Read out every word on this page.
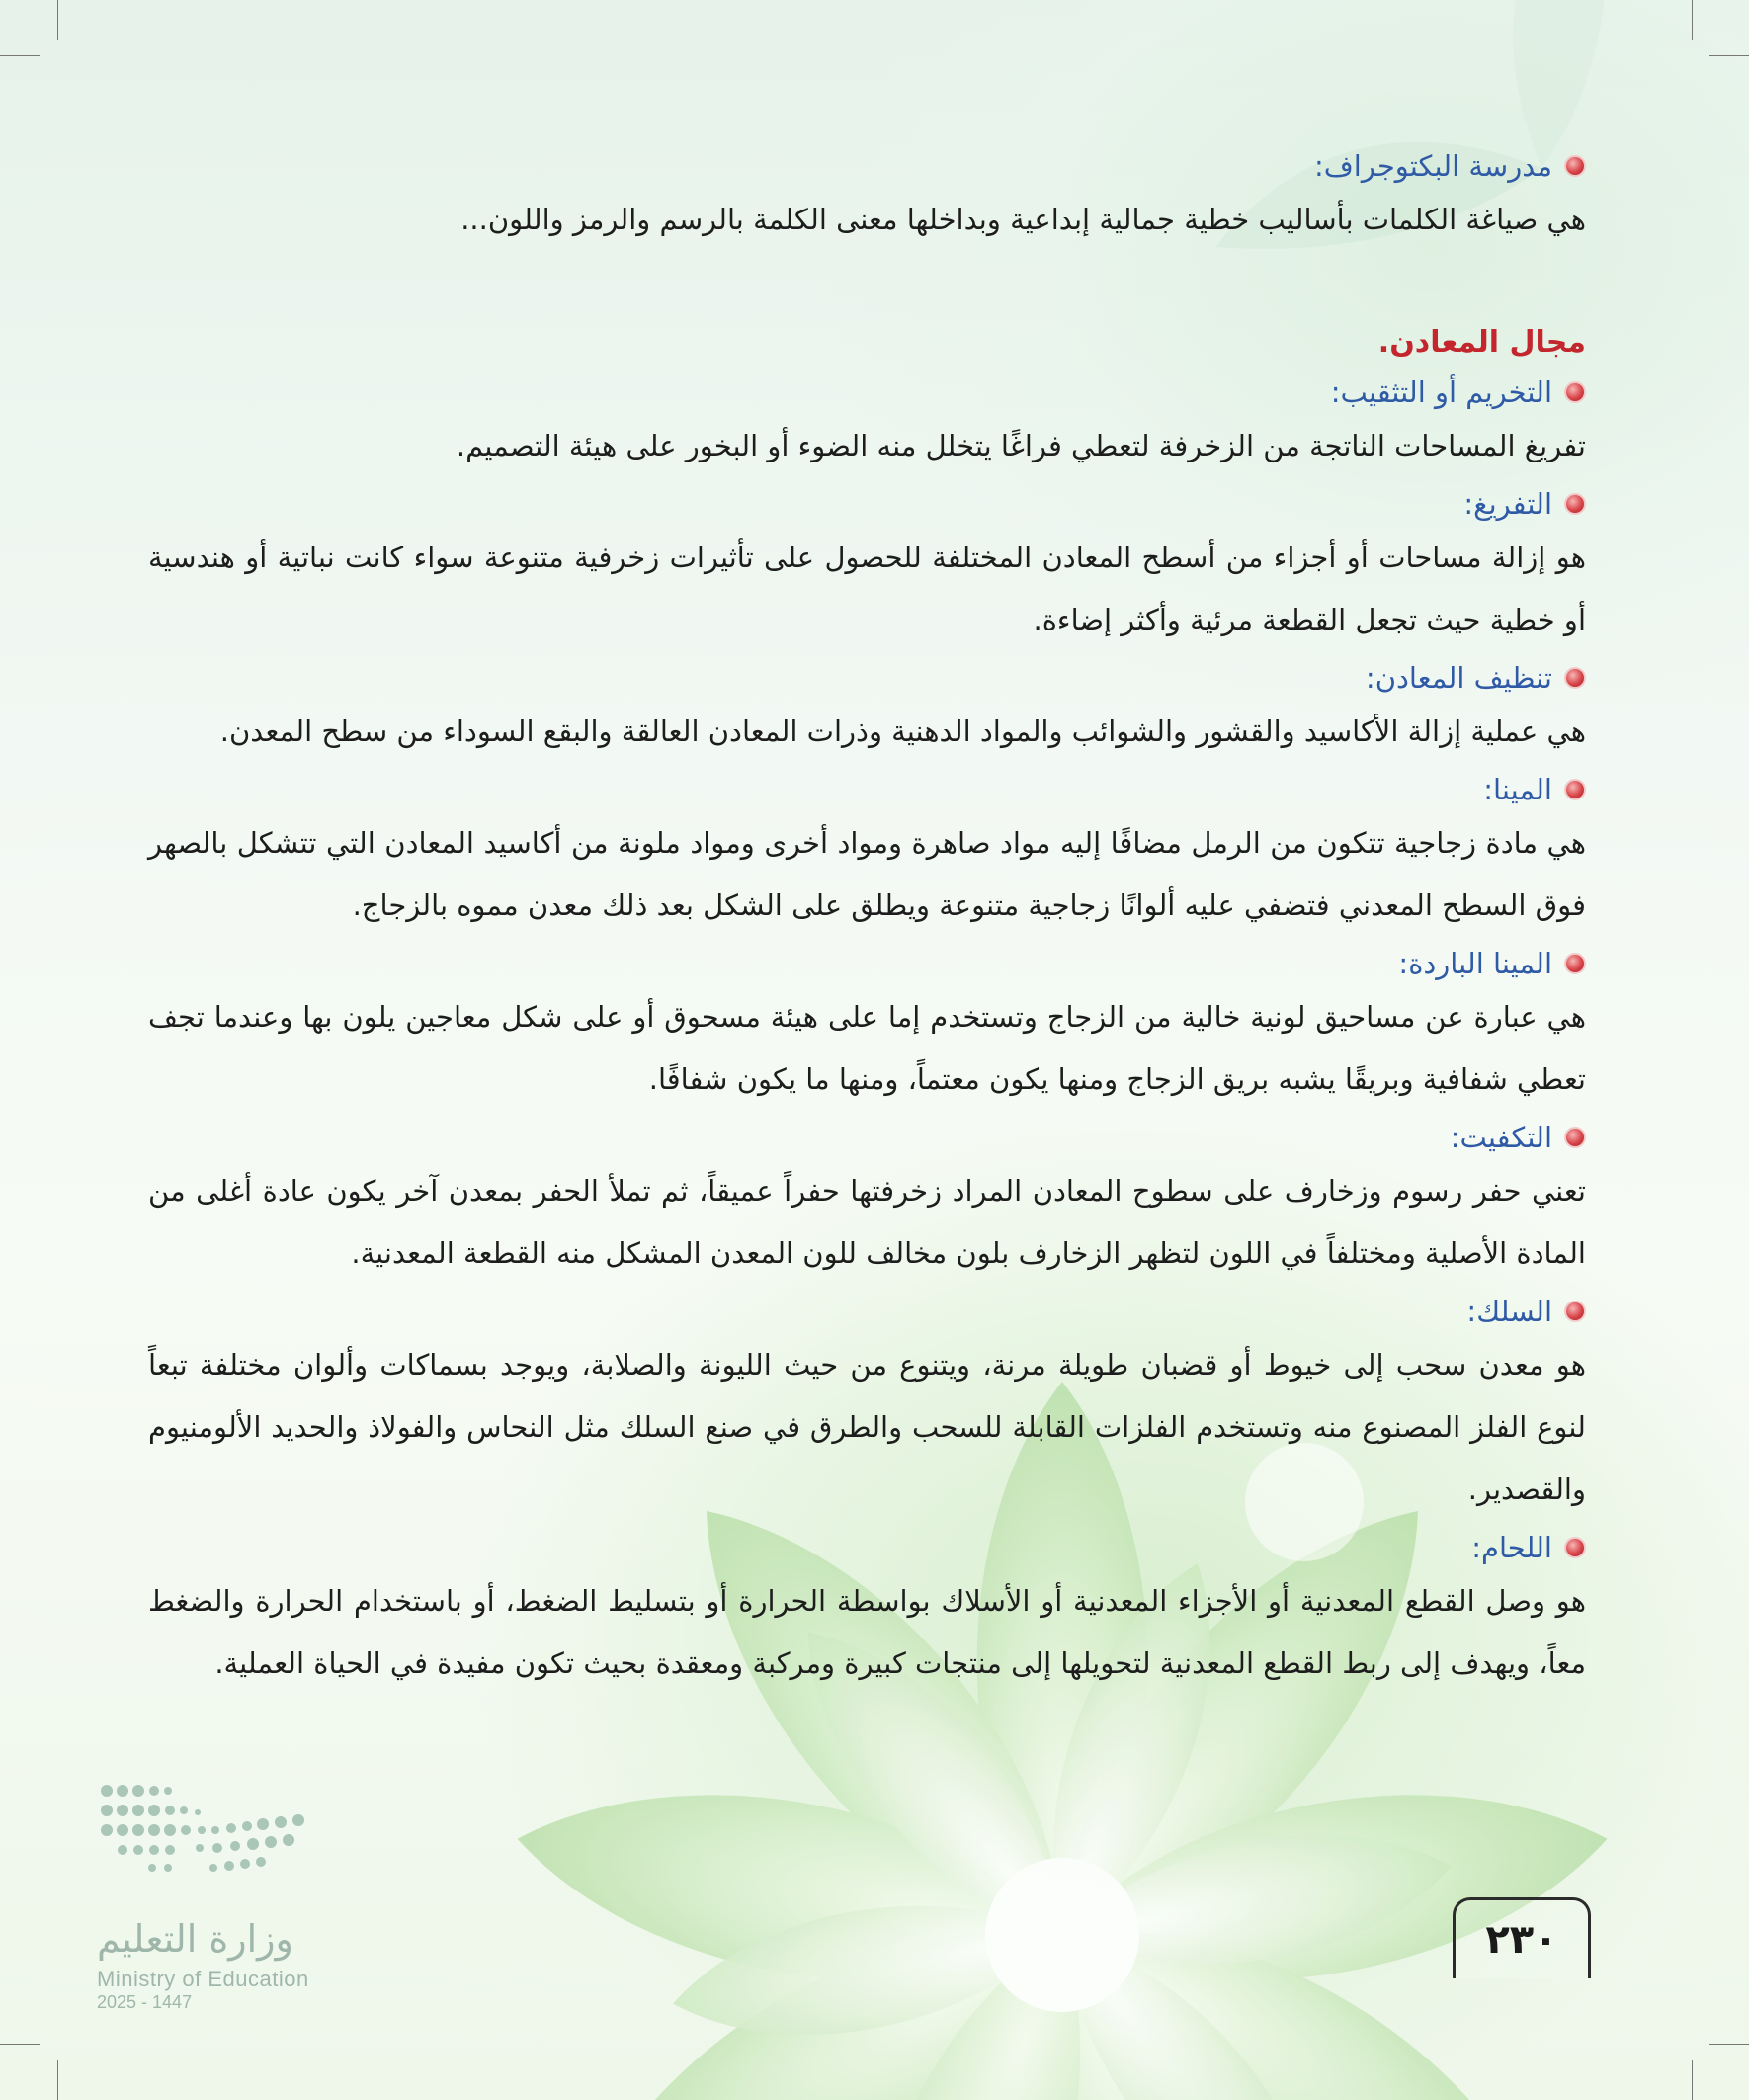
مدرسة البكتوجراف:

هي صياغة الكلمات بأساليب خطية جمالية إبداعية وبداخلها معنى الكلمة بالرسم والرمز واللون...

مجال المعادن.
التخريم أو التثقيب:

تفريغ المساحات الناتجة من الزخرفة لتعطي فراغًا يتخلل منه الضوء أو البخور على هيئة التصميم.

التفريغ:

هو إزالة مساحات أو أجزاء من أسطح المعادن المختلفة للحصول على تأثيرات زخرفية متنوعة سواء كانت نباتية أو هندسية أو خطية حيث تجعل القطعة مرئية وأكثر إضاءة.

تنظيف المعادن:

هي عملية إزالة الأكاسيد والقشور والشوائب والمواد الدهنية وذرات المعادن العالقة والبقع السوداء من سطح المعدن.

المينا:

هي مادة زجاجية تتكون من الرمل مضافًا إليه مواد صاهرة ومواد أخرى ومواد ملونة من أكاسيد المعادن التي تتشكل بالصهر فوق السطح المعدني فتضفي عليه ألوانًا زجاجية متنوعة ويطلق على الشكل بعد ذلك معدن مموه بالزجاج.

المينا الباردة:

هي عبارة عن مساحيق لونية خالية من الزجاج وتستخدم إما على هيئة مسحوق أو على شكل معاجين يلون بها وعندما تجف تعطي شفافية وبريقًا يشبه بريق الزجاج ومنها يكون معتماً، ومنها ما يكون شفافًا.

التكفيت:

تعني حفر رسوم وزخارف على سطوح المعادن المراد زخرفتها حفراً عميقاً، ثم تملأ الحفر بمعدن آخر يكون عادة أغلى من المادة الأصلية ومختلفاً في اللون لتظهر الزخارف بلون مخالف للون المعدن المشكل منه القطعة المعدنية.

السلك:

هو معدن سحب إلى خيوط أو قضبان طويلة مرنة، ويتنوع من حيث الليونة والصلابة، ويوجد بسماكات وألوان مختلفة تبعاً لنوع الفلز المصنوع منه وتستخدم الفلزات القابلة للسحب والطرق في صنع السلك مثل النحاس والفولاذ والحديد الألومنيوم والقصدير.

اللحام:

هو وصل القطع المعدنية أو الأجزاء المعدنية أو الأسلاك بواسطة الحرارة أو بتسليط الضغط، أو باستخدام الحرارة والضغط معاً، ويهدف إلى ربط القطع المعدنية لتحويلها إلى منتجات كبيرة ومركبة ومعقدة بحيث تكون مفيدة في الحياة العملية.

وزارة التعليم
Ministry of Education
2025 - 1447
٢٣٠
